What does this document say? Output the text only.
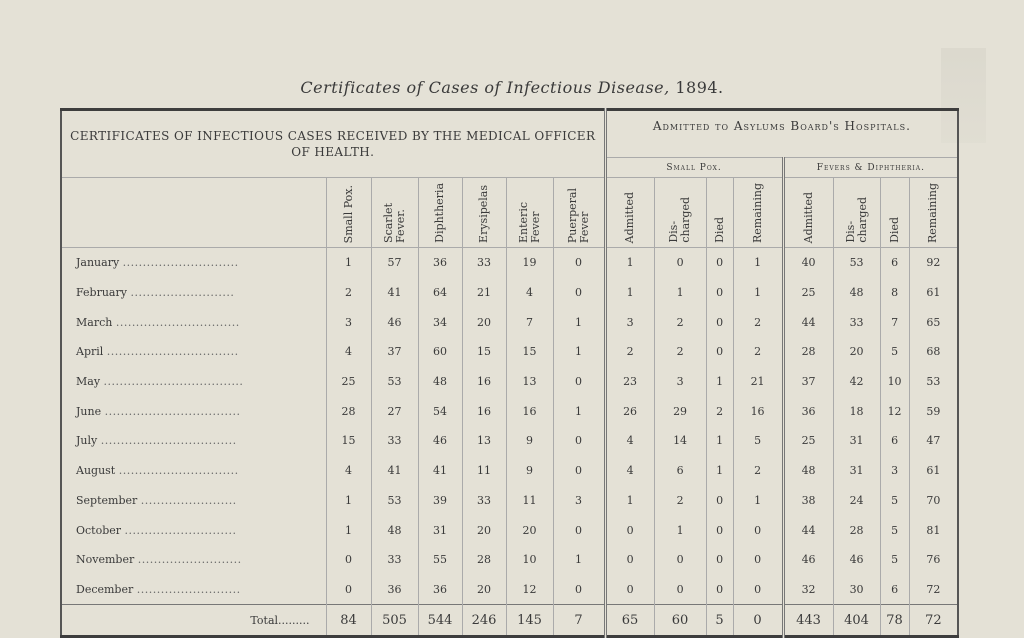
Certificates of Cases of Infectious Disease, 1894.
CERTIFICATES OF INFECTIOUS CASES RECEIVED BY THE MEDICAL OFFICER OF HEALTH.							Admitted to Asylums Board's Hospitals.							
							Small Pox.				Fevers & Diphtheria.			

	Small Pox.	Scarlet
Fever.	Diphtheria	Erysipelas	Enteric
Fever	Puerperal
Fever	Admitted	Dis-
charged	Died	Remaining	Admitted	Dis-
charged	Died	Remaining

January .............................	1	57	36	33	19	0	1	0	0	1	40	53	6	92
February ..........................	2	41	64	21	4	0	1	1	0	1	25	48	8	61
March ...............................	3	46	34	20	7	1	3	2	0	2	44	33	7	65
April .................................	4	37	60	15	15	1	2	2	0	2	28	20	5	68
May ...................................	25	53	48	16	13	0	23	3	1	21	37	42	10	53
June ..................................	28	27	54	16	16	1	26	29	2	16	36	18	12	59
July ..................................	15	33	46	13	9	0	4	14	1	5	25	31	6	47
August ..............................	4	41	41	11	9	0	4	6	1	2	48	31	3	61
September ........................	1	53	39	33	11	3	1	2	0	1	38	24	5	70
October ............................	1	48	31	20	20	0	0	1	0	0	44	28	5	81
November ..........................	0	33	55	28	10	1	0	0	0	0	46	46	5	76
December ..........................	0	36	36	20	12	0	0	0	0	0	32	30	6	72
Total.........	84	505	544	246	145	7	65	60	5	0	443	404	78	72
